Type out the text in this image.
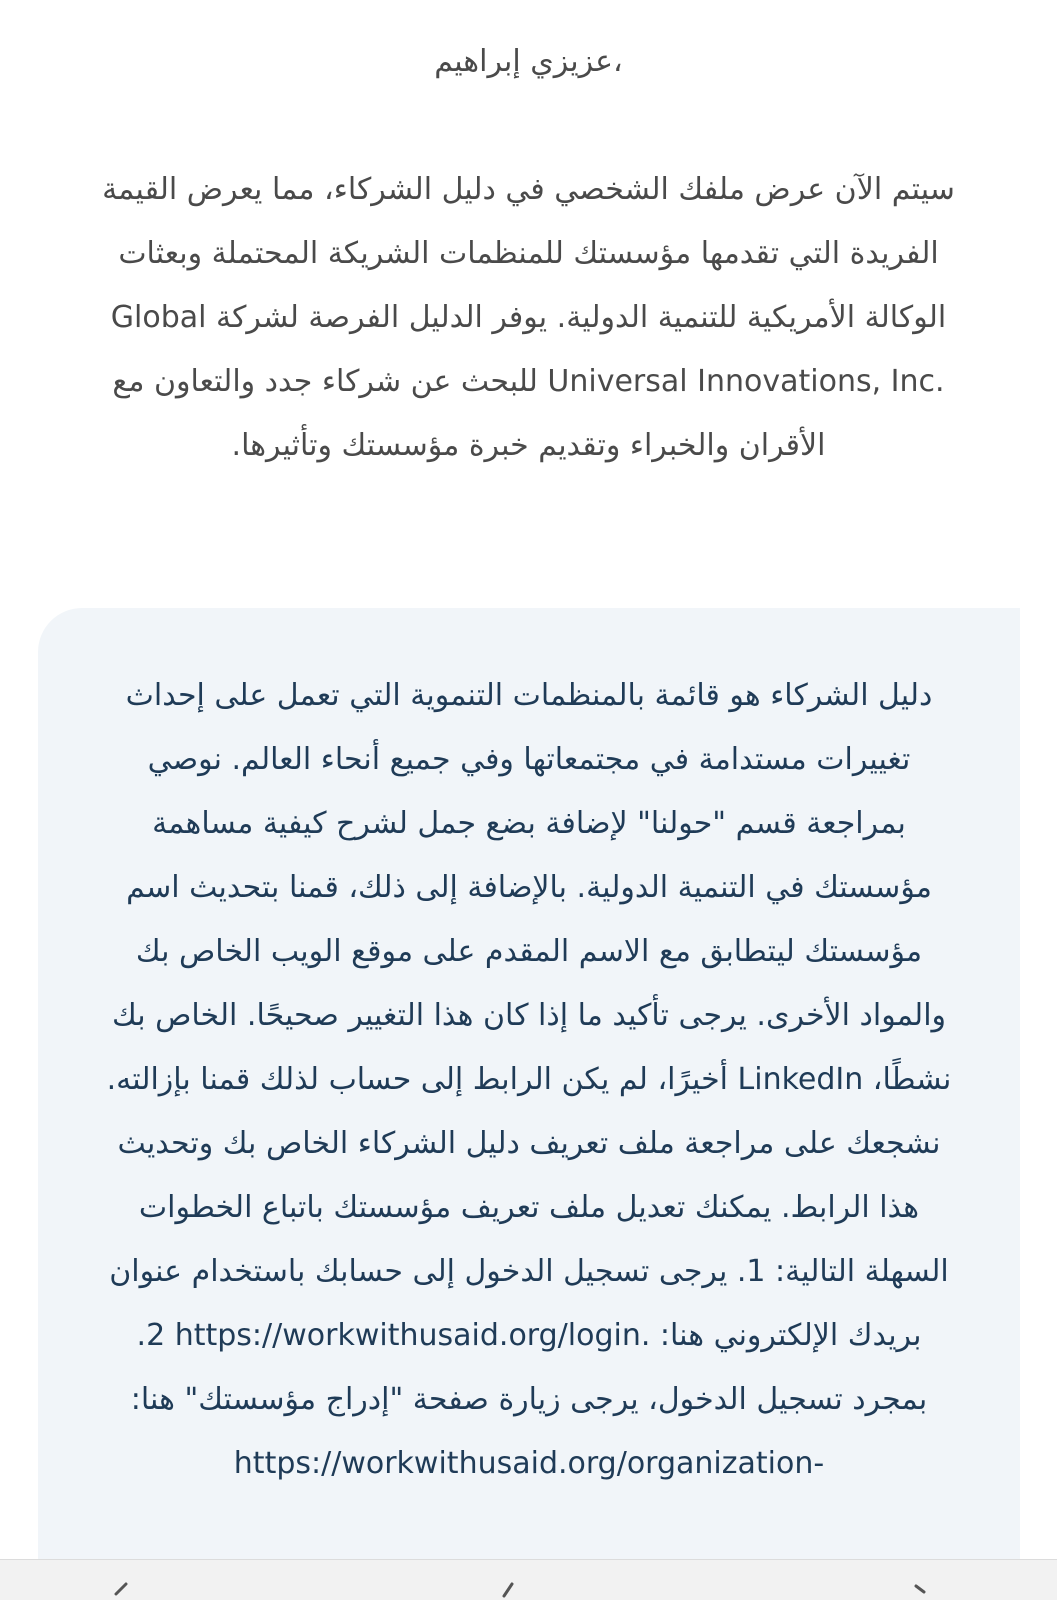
،عزيزي إبراهيم

سيتم الآن عرض ملفك الشخصي في دليل الشركاء، مما يعرض القيمة الفريدة التي تقدمها مؤسستك للمنظمات الشريكة المحتملة وبعثات الوكالة الأمريكية للتنمية الدولية. يوفر الدليل الفرصة لشركة Global Universal Innovations, Inc. للبحث عن شركاء جدد والتعاون مع الأقران والخبراء وتقديم خبرة مؤسستك وتأثيرها.

دليل الشركاء هو قائمة بالمنظمات التنموية التي تعمل على إحداث تغييرات مستدامة في مجتمعاتها وفي جميع أنحاء العالم. نوصي بمراجعة قسم "حولنا" لإضافة بضع جمل لشرح كيفية مساهمة مؤسستك في التنمية الدولية. بالإضافة إلى ذلك، قمنا بتحديث اسم مؤسستك ليتطابق مع الاسم المقدم على موقع الويب الخاص بك والمواد الأخرى. يرجى تأكيد ما إذا كان هذا التغيير صحيحًا. الخاص بك نشطًا، LinkedIn أخيرًا، لم يكن الرابط إلى حساب لذلك قمنا بإزالته. نشجعك على مراجعة ملف تعريف دليل الشركاء الخاص بك وتحديث هذا الرابط. يمكنك تعديل ملف تعريف مؤسستك باتباع الخطوات السهلة التالية: 1. يرجى تسجيل الدخول إلى حسابك باستخدام عنوان بريدك الإلكتروني هنا: https://workwithusaid.org/login. 2. بمجرد تسجيل الدخول، يرجى زيارة صفحة "إدراج مؤسستك" هنا: https://workwithusaid.org/organization-
